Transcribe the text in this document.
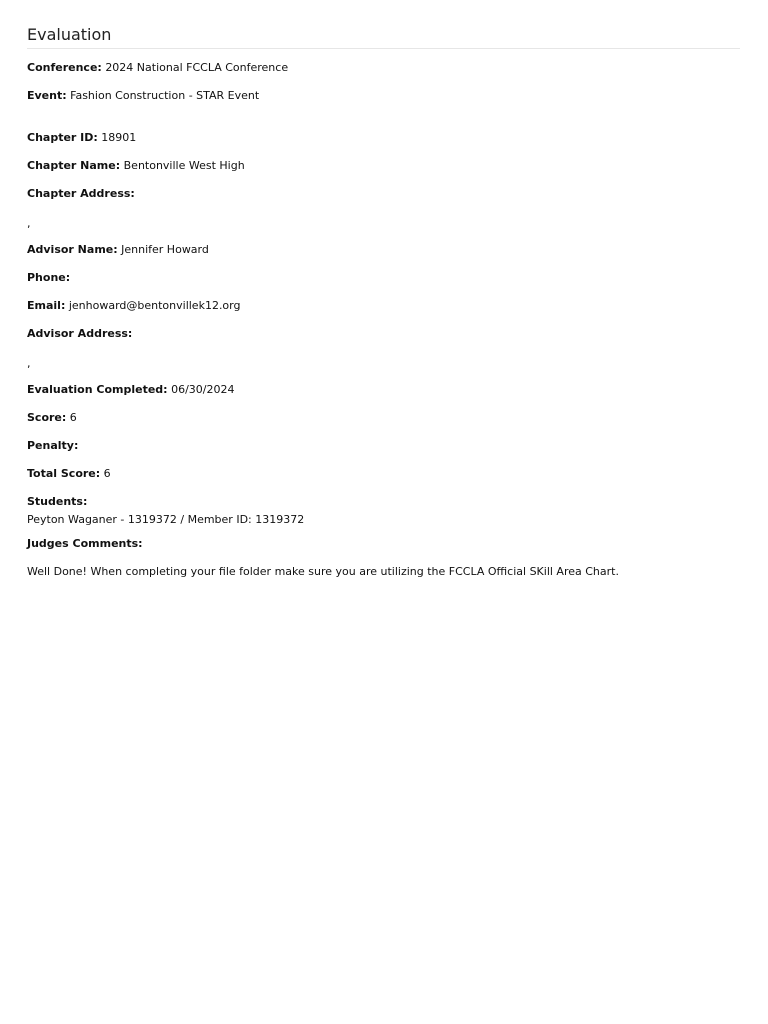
Evaluation
Conference: 2024 National FCCLA Conference
Event: Fashion Construction - STAR Event
Chapter ID: 18901
Chapter Name: Bentonville West High
Chapter Address:
,
Advisor Name: Jennifer Howard
Phone:
Email: jenhoward@bentonvillek12.org
Advisor Address:
,
Evaluation Completed: 06/30/2024
Score: 6
Penalty:
Total Score: 6
Students:
Peyton Waganer - 1319372 / Member ID: 1319372
Judges Comments:
Well Done! When completing your file folder make sure you are utilizing the FCCLA Official SKill Area Chart.
